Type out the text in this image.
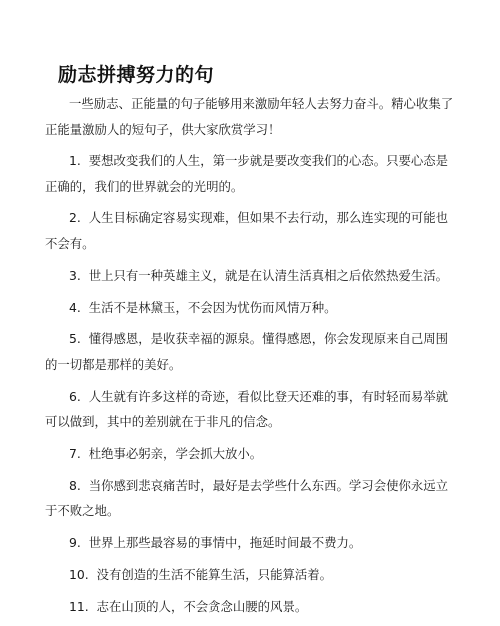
励志拼搏努力的句

一些励志、正能量的句子能够用来激励年轻人去努力奋斗。精心收集了正能量激励人的短句子，供大家欣赏学习！

1. 要想改变我们的人生，第一步就是要改变我们的心态。只要心态是正确的，我们的世界就会的光明的。

2. 人生目标确定容易实现难，但如果不去行动，那么连实现的可能也不会有。

3. 世上只有一种英雄主义，就是在认清生活真相之后依然热爱生活。

4. 生活不是林黛玉，不会因为忧伤而风情万种。

5. 懂得感恩，是收获幸福的源泉。懂得感恩，你会发现原来自己周围的一切都是那样的美好。

6. 人生就有许多这样的奇迹，看似比登天还难的事，有时轻而易举就可以做到，其中的差别就在于非凡的信念。

7. 杜绝事必躬亲，学会抓大放小。

8. 当你感到悲哀痛苦时，最好是去学些什么东西。学习会使你永远立于不败之地。

9. 世界上那些最容易的事情中，拖延时间最不费力。

10. 没有创造的生活不能算生活，只能算活着。

11. 志在山顶的人，不会贪念山腰的风景。
